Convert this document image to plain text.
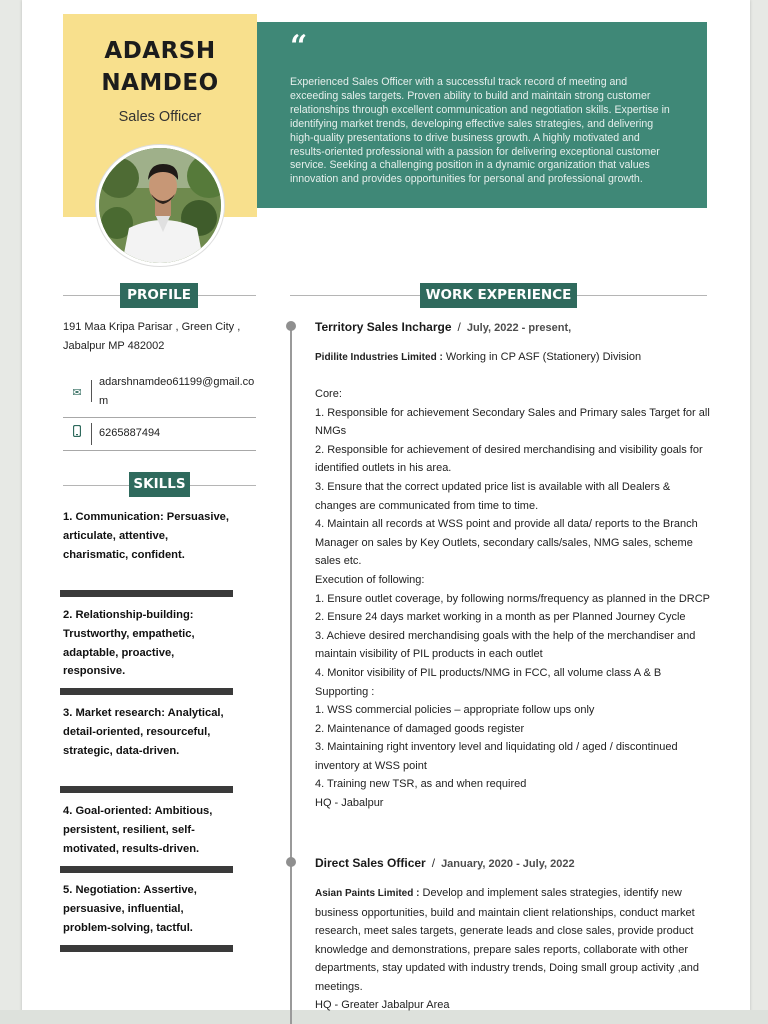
ADARSH NAMDEO
Sales Officer
“
Experienced Sales Officer with a successful track record of meeting and exceeding sales targets. Proven ability to build and maintain strong customer relationships through excellent communication and negotiation skills. Expertise in identifying market trends, developing effective sales strategies, and delivering high-quality presentations to drive business growth. A highly motivated and results-oriented professional with a passion for delivering exceptional customer service. Seeking a challenging position in a dynamic organization that values innovation and provides opportunities for personal and professional growth.
PROFILE
191 Maa Kripa Parisar , Green City , Jabalpur MP 482002
✉
adarshnamdeo61199@gmail.com
6265887494
SKILLS
1. Communication: Persuasive, articulate, attentive, charismatic, confident.
2. Relationship-building: Trustworthy, empathetic, adaptable, proactive, responsive.
3. Market research: Analytical, detail-oriented, resourceful, strategic, data-driven.
4. Goal-oriented: Ambitious, persistent, resilient, self-motivated, results-driven.
5. Negotiation: Assertive, persuasive, influential, problem-solving, tactful.
WORK EXPERIENCE
Territory Sales Incharge / July, 2022 - present,
Pidilite Industries Limited : Working in CP ASF (Stationery) Division
Core:
1. Responsible for achievement Secondary Sales and Primary sales Target for all NMGs
2. Responsible for achievement of desired merchandising and visibility goals for identified outlets in his area.
3. Ensure that the correct updated price list is available with all Dealers & changes are communicated from time to time.
4. Maintain all records at WSS point and provide all data/ reports to the Branch Manager on sales by Key Outlets, secondary calls/sales, NMG sales, scheme sales etc.
Execution of following:
1. Ensure outlet coverage, by following norms/frequency as planned in the DRCP
2. Ensure 24 days market working in a month as per Planned Journey Cycle
3. Achieve desired merchandising goals with the help of the merchandiser and maintain visibility of PIL products in each outlet
4. Monitor visibility of PIL products/NMG in FCC, all volume class A & B
Supporting :
1. WSS commercial policies – appropriate follow ups only
2. Maintenance of damaged goods register
3. Maintaining right inventory level and liquidating old / aged / discontinued inventory at WSS point
4. Training new TSR, as and when required
HQ - Jabalpur
Direct Sales Officer / January, 2020 - July, 2022
Asian Paints Limited : Develop and implement sales strategies, identify new business opportunities, build and maintain client relationships, conduct market research, meet sales targets, generate leads and close sales, provide product knowledge and demonstrations, prepare sales reports, collaborate with other departments, stay updated with industry trends, Doing small group activity ,and meetings.
HQ - Greater Jabalpur Area
